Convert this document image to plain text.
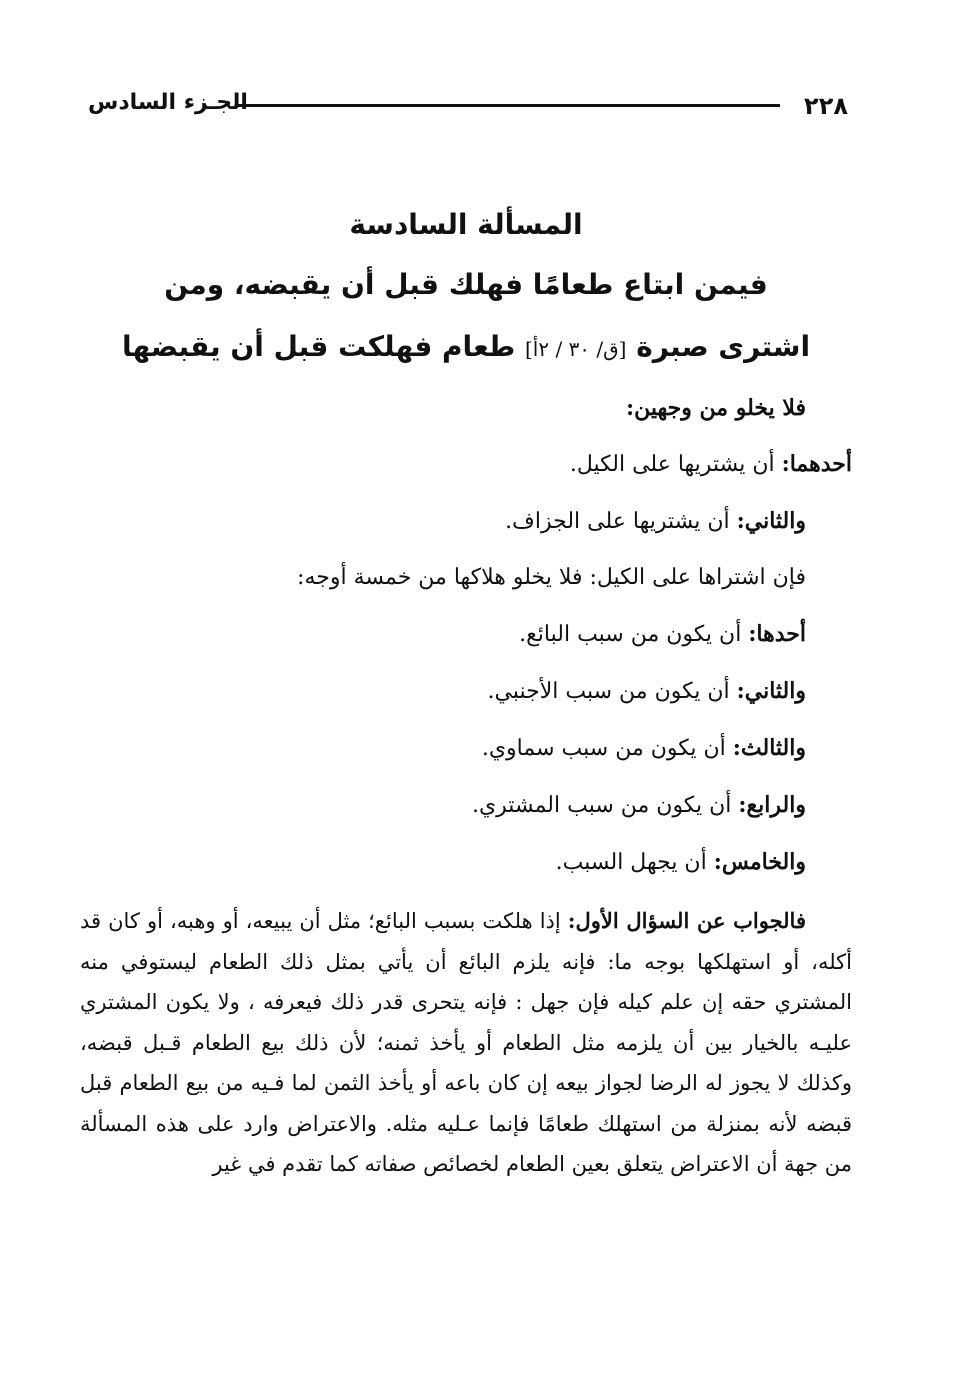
٢٢٨
الجـزء السادس

المسألة السادسة

فيمن ابتاع طعامًا فهلك قبل أن يقبضه، ومن

اشترى صبرة [ق/ ٣٠ / ٢أ] طعام فهلكت قبل أن يقبضها

فلا يخلو من وجهين:

أحدهما: أن يشتريها على الكيل.

والثاني: أن يشتريها على الجزاف.

فإن اشتراها على الكيل: فلا يخلو هلاكها من خمسة أوجه:

أحدها: أن يكون من سبب البائع.

والثاني: أن يكون من سبب الأجنبي.

والثالث: أن يكون من سبب سماوي.

والرابع: أن يكون من سبب المشتري.

والخامس: أن يجهل السبب.

فالجواب عن السؤال الأول: إذا هلكت بسبب البائع؛ مثل أن يبيعه، أو وهبه، أو كان قد أكله، أو استهلكها بوجه ما: فإنه يلزم البائع أن يأتي بمثل ذلك الطعام ليستوفي منه المشتري حقه إن علم كيله فإن جهل : فإنه يتحرى قدر ذلك فيعرفه ، ولا يكون المشتري عليـه بالخيار بين أن يلزمه مثل الطعام أو يأخذ ثمنه؛ لأن ذلك بيع الطعام قـبل قبضه، وكذلك لا يجوز له الرضا لجواز بيعه إن كان باعه أو يأخذ الثمن لما فـيه من بيع الطعام قبل قبضه لأنه بمنزلة من استهلك طعامًا فإنما عـليه مثله. والاعتراض وارد على هذه المسألة من جهة أن الاعتراض يتعلق بعين الطعام لخصائص صفاته كما تقدم في غير
